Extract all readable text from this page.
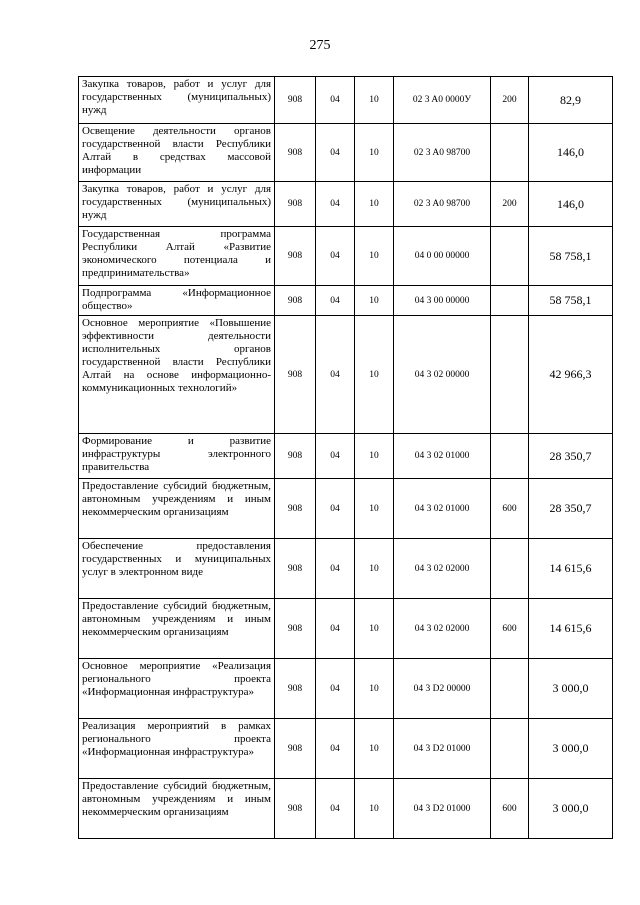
275
Закупка товаров, работ и услуг для государственных (муниципальных) нужд	908	04	10	02 3 A0 0000У	200	82,9
Освещение деятельности органов государственной власти Республики Алтай в средствах массовой информации	908	04	10	02 3 A0 98700		146,0
Закупка товаров, работ и услуг для государственных (муниципальных) нужд	908	04	10	02 3 A0 98700	200	146,0
Государственная программа Республики Алтай «Развитие экономического потенциала и предпринимательства»	908	04	10	04 0 00 00000		58 758,1
Подпрограмма «Информационное общество»	908	04	10	04 3 00 00000		58 758,1
Основное мероприятие «Повышение эффективности деятельности исполнительных органов государственной власти Республики Алтай на основе информационно-коммуникационных технологий»	908	04	10	04 3 02 00000		42 966,3
Формирование и развитие инфраструктуры электронного правительства	908	04	10	04 3 02 01000		28 350,7
Предоставление субсидий бюджетным, автономным учреждениям и иным некоммерческим организациям	908	04	10	04 3 02 01000	600	28 350,7
Обеспечение предоставления государственных и муниципальных услуг в электронном виде	908	04	10	04 3 02 02000		14 615,6
Предоставление субсидий бюджетным, автономным учреждениям и иным некоммерческим организациям	908	04	10	04 3 02 02000	600	14 615,6
Основное мероприятие «Реализация регионального проекта «Информационная инфраструктура»	908	04	10	04 3 D2 00000		3 000,0
Реализация мероприятий в рамках регионального проекта «Информационная инфраструктура»	908	04	10	04 3 D2 01000		3 000,0
Предоставление субсидий бюджетным, автономным учреждениям и иным некоммерческим организациям	908	04	10	04 3 D2 01000	600	3 000,0
